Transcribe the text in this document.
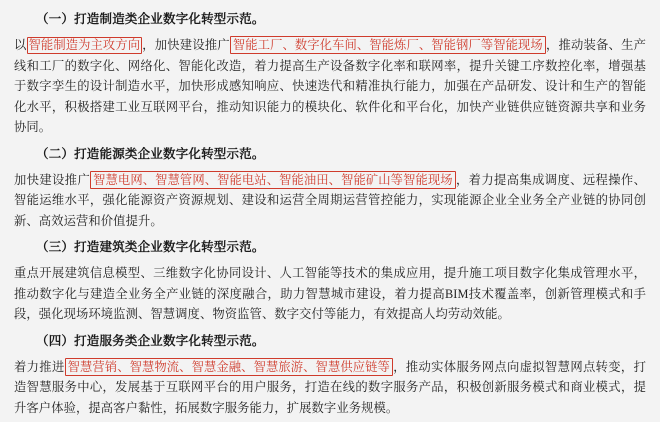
（一）打造制造类企业数字化转型示范。
以 智能制造为主攻方向 ，加快建设推广 智能工厂、数字化车间、智能炼厂、智能钢厂等智能现场 ，推动装备、生产线和工厂的数字化、网络化、智能化改造，着力提高生产设备数字化率和联网率，提升关键工序数控化率，增强基于数字孪生的设计制造水平，加快形成感知响应、快速迭代和精准执行能力，加强在产品研发、设计和生产的智能化水平，积极搭建工业互联网平台，推动知识能力的模块化、软件化和平台化，加快产业链供应链资源共享和业务协同。
（二）打造能源类企业数字化转型示范。
加快建设推广 智慧电网、智慧管网、智能电站、智能油田、智能矿山等智能现场 ，着力提高集成调度、远程操作、智能运维水平，强化能源资产资源规划、建设和运营全周期运营管控能力，实现能源企业全业务全产业链的协同创新、高效运营和价值提升。
（三）打造建筑类企业数字化转型示范。
重点开展建筑信息模型、三维数字化协同设计、人工智能等技术的集成应用，提升施工项目数字化集成管理水平，推动数字化与建造全业务全产业链的深度融合，助力智慧城市建设，着力提高BIM技术覆盖率，创新管理模式和手段，强化现场环境监测、智慧调度、物资监管、数字交付等能力，有效提高人均劳动效能。
（四）打造服务类企业数字化转型示范。
着力推进 智慧营销、智慧物流、智慧金融、智慧旅游、智慧供应链等 ，推动实体服务网点向虚拟智慧网点转变，打造智慧服务中心，发展基于互联网平台的用户服务，打造在线的数字服务产品，积极创新服务模式和商业模式，提升客户体验，提高客户黏性，拓展数字服务能力，扩展数字业务规模。
